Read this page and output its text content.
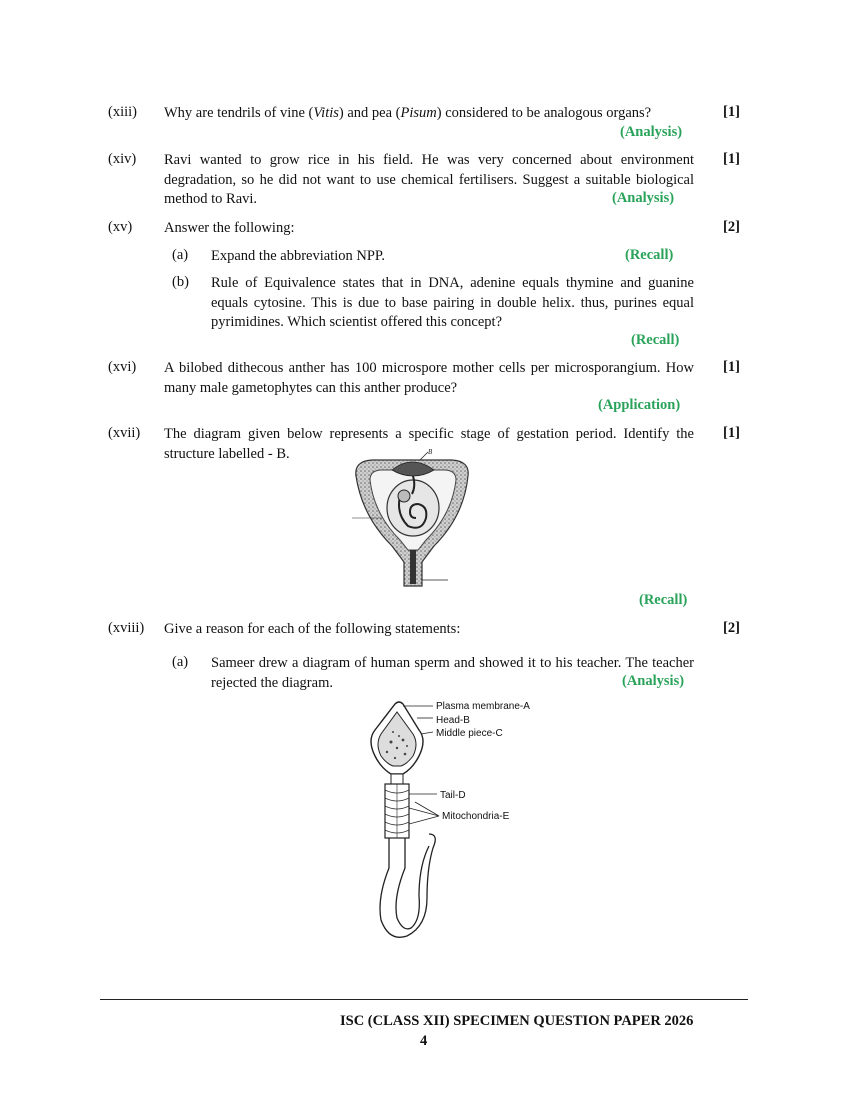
(xiii) Why are tendrils of vine (Vitis) and pea (Pisum) considered to be analogous organs?
(Analysis)
[1]
(xiv) Ravi wanted to grow rice in his field. He was very concerned about environment degradation, so he did not want to use chemical fertilisers. Suggest a suitable biological method to Ravi.	(Analysis)
[1]
(xv) Answer the following:	[2]
(a) Expand the abbreviation NPP.	(Recall)
(b) Rule of Equivalence states that in DNA, adenine equals thymine and guanine equals cytosine. This is due to base pairing in double helix. thus, purines equal pyrimidines. Which scientist offered this concept?
(Recall)
(xvi) A bilobed dithecous anther has 100 microspore mother cells per microsporangium. How many male gametophytes can this anther produce?
(Application)
[1]
(xvii) The diagram given below represents a specific stage of gestation period. Identify the structure labelled - B.
[1]
B
(Recall)
(xviii) Give a reason for each of the following statements:	[2]
(a) Sameer drew a diagram of human sperm and showed it to his teacher. The teacher rejected the diagram.	(Analysis)
Plasma membrane-A
Head-B
Middle piece-C
Tail-D
Mitochondria-E
ISC (CLASS XII) SPECIMEN QUESTION PAPER 2026
4
